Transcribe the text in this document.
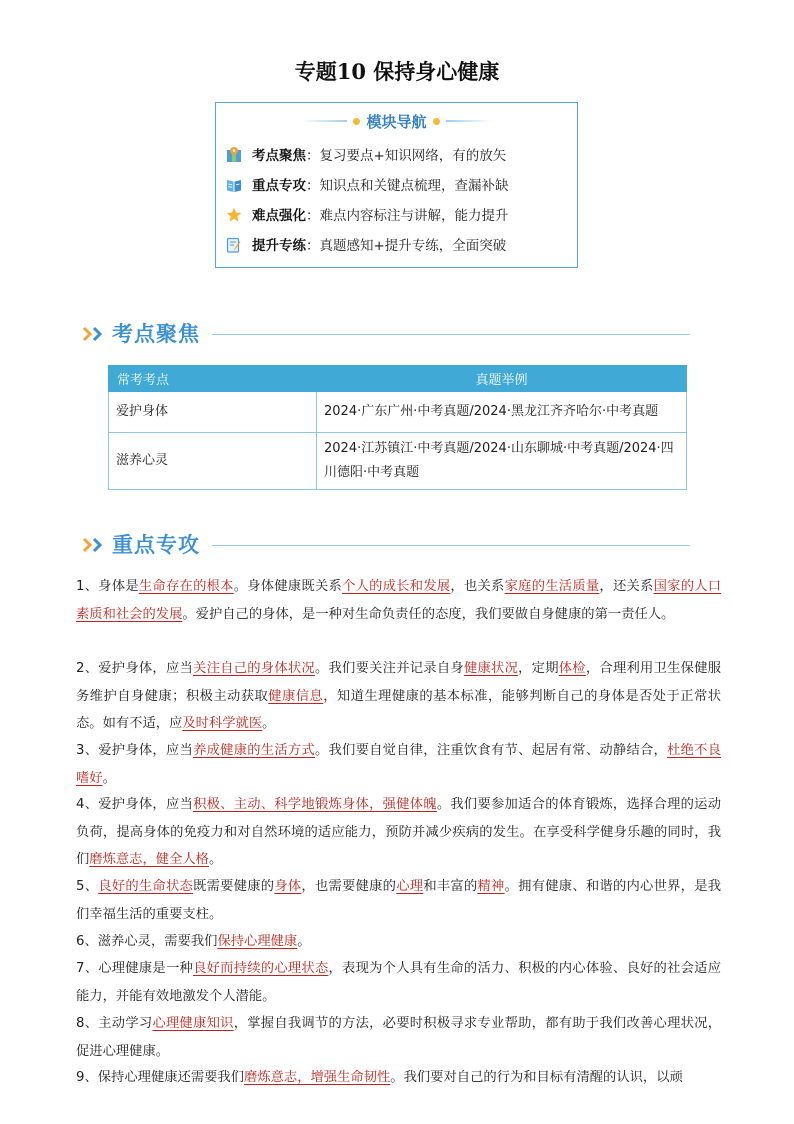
专题10 保持身心健康
模块导航
考点聚焦：复习要点+知识网络，有的放矢
重点专攻：知识点和关键点梳理，查漏补缺
难点强化：难点内容标注与讲解，能力提升
提升专练：真题感知+提升专练，全面突破
考点聚焦
常考考点	真题举例
爱护身体	2024·广东广州·中考真题/2024·黑龙江齐齐哈尔·中考真题
滋养心灵	2024·江苏镇江·中考真题/2024·山东聊城·中考真题/2024·四川德阳·中考真题
重点专攻
1、身体是生命存在的根本。身体健康既关系个人的成长和发展，也关系家庭的生活质量，还关系国家的人口素质和社会的发展。爱护自己的身体，是一种对生命负责任的态度，我们要做自身健康的第一责任人。
2、爱护身体，应当关注自己的身体状况。我们要关注并记录自身健康状况，定期体检，合理利用卫生保健服务维护自身健康；积极主动获取健康信息，知道生理健康的基本标准，能够判断自己的身体是否处于正常状态。如有不适，应及时科学就医。
3、爱护身体，应当养成健康的生活方式。我们要自觉自律，注重饮食有节、起居有常、动静结合，杜绝不良嗜好。
4、爱护身体，应当积极、主动、科学地锻炼身体，强健体魄。我们要参加适合的体育锻炼，选择合理的运动负荷，提高身体的免疫力和对自然环境的适应能力，预防并减少疾病的发生。在享受科学健身乐趣的同时，我们磨炼意志，健全人格。
5、良好的生命状态既需要健康的身体，也需要健康的心理和丰富的精神。拥有健康、和谐的内心世界，是我们幸福生活的重要支柱。
6、滋养心灵，需要我们保持心理健康。
7、心理健康是一种良好而持续的心理状态，表现为个人具有生命的活力、积极的内心体验、良好的社会适应能力，并能有效地激发个人潜能。
8、主动学习心理健康知识，掌握自我调节的方法，必要时积极寻求专业帮助，都有助于我们改善心理状况，促进心理健康。
9、保持心理健康还需要我们磨炼意志，增强生命韧性。我们要对自己的行为和目标有清醒的认识，以顽
